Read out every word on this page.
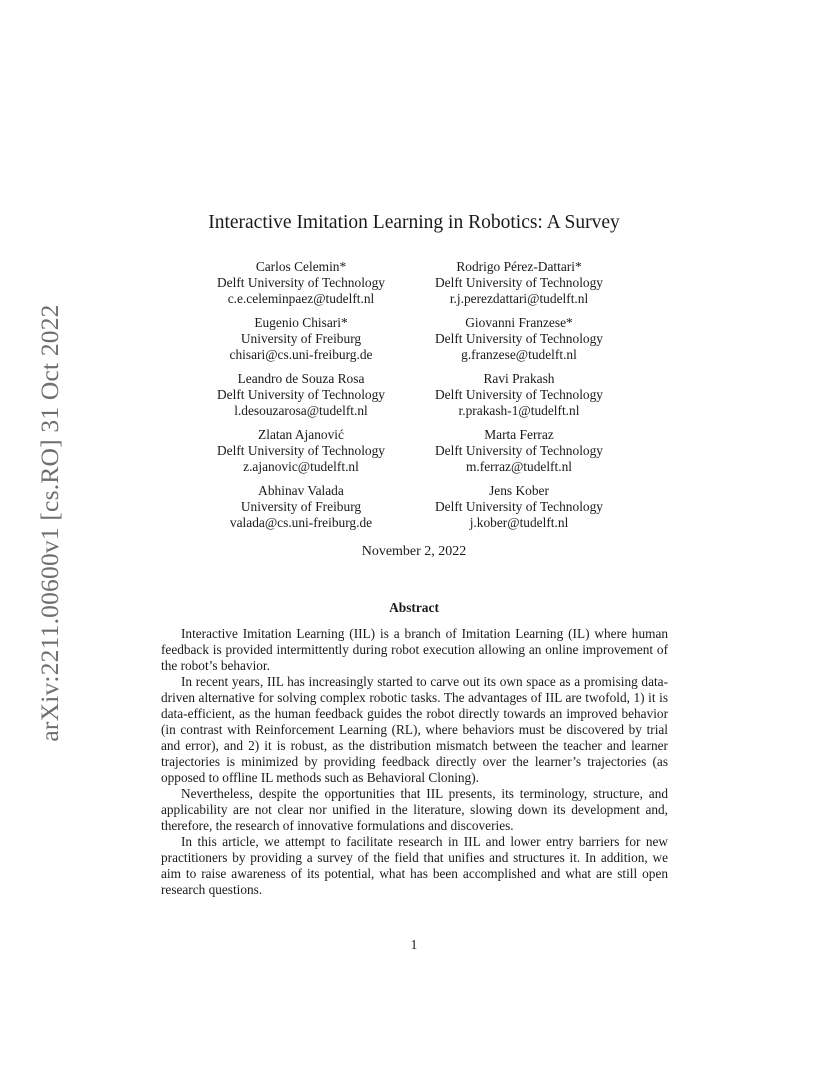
arXiv:2211.00600v1 [cs.RO] 31 Oct 2022
Interactive Imitation Learning in Robotics: A Survey
Carlos Celemin*
Delft University of Technology
c.e.celeminpaez@tudelft.nl
Rodrigo Pérez-Dattari*
Delft University of Technology
r.j.perezdattari@tudelft.nl
Eugenio Chisari*
University of Freiburg
chisari@cs.uni-freiburg.de
Giovanni Franzese*
Delft University of Technology
g.franzese@tudelft.nl
Leandro de Souza Rosa
Delft University of Technology
l.desouzarosa@tudelft.nl
Ravi Prakash
Delft University of Technology
r.prakash-1@tudelft.nl
Zlatan Ajanović
Delft University of Technology
z.ajanovic@tudelft.nl
Marta Ferraz
Delft University of Technology
m.ferraz@tudelft.nl
Abhinav Valada
University of Freiburg
valada@cs.uni-freiburg.de
Jens Kober
Delft University of Technology
j.kober@tudelft.nl
November 2, 2022
Abstract

Interactive Imitation Learning (IIL) is a branch of Imitation Learning (IL) where human feedback is provided intermittently during robot execution allowing an online improvement of the robot’s behavior.

In recent years, IIL has increasingly started to carve out its own space as a promising data-driven alternative for solving complex robotic tasks. The advantages of IIL are twofold, 1) it is data-efficient, as the human feedback guides the robot directly towards an improved behavior (in contrast with Reinforcement Learning (RL), where behaviors must be discovered by trial and error), and 2) it is robust, as the distribution mismatch between the teacher and learner trajectories is minimized by providing feedback directly over the learner’s trajectories (as opposed to offline IL methods such as Behavioral Cloning).

Nevertheless, despite the opportunities that IIL presents, its terminology, structure, and applicability are not clear nor unified in the literature, slowing down its development and, therefore, the research of innovative formulations and discoveries.

In this article, we attempt to facilitate research in IIL and lower entry barriers for new practitioners by providing a survey of the field that unifies and structures it. In addition, we aim to raise awareness of its potential, what has been accomplished and what are still open research questions.

1
